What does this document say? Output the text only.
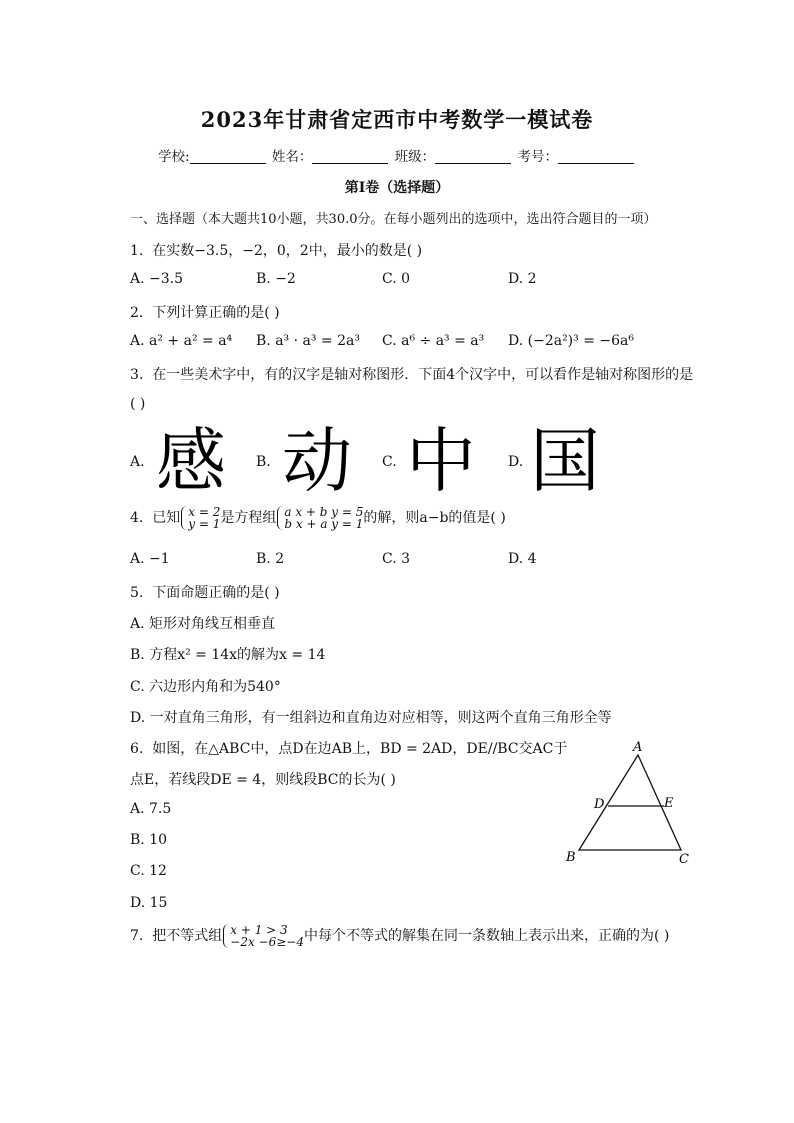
2023年甘肃省定西市中考数学一模试卷
学校:	姓名：	班级：	考号：
第I卷（选择题）
一、选择题（本大题共10小题，共30.0分。在每小题列出的选项中，选出符合题目的一项）
1. 在实数−3.5，−2，0，2中，最小的数是( )
A. −3.5	B. −2	C. 0	D. 2
2. 下列计算正确的是( )
A. a² + a² = a⁴ B. a³ · a³ = 2a³ C. a⁶ ÷ a³ = a³ D. (−2a²)³ = −6a⁶
3. 在一些美术字中，有的汉字是轴对称图形．下面4个汉字中，可以看作是轴对称图形的是
( )
A. 感 B. 动 C. 中 D. 国
4. 已知 x = 2
y = 1是方程组 a x + b y = 5
b x + a y = 1的解，则a−b的值是( )
A. −1	B. 2	C. 3	D. 4
5. 下面命题正确的是( )
A. 矩形对角线互相垂直
B. 方程x² = 14x的解为x = 14
C. 六边形内角和为540°
D. 一对直角三角形，有一组斜边和直角边对应相等，则这两个直角三角形全等
6. 如图，在△ABC中，点D在边AB上，BD = 2AD，DE//BC交AC于
点E，若线段DE = 4，则线段BC的长为( )
A. 7.5
B. 10
C. 12
D. 15
A
B	C
D	E
7. 把不等式组 x + 1 > 3
−2x −6≥−4中每个不等式的解集在同一条数轴上表示出来，正确的为( )
